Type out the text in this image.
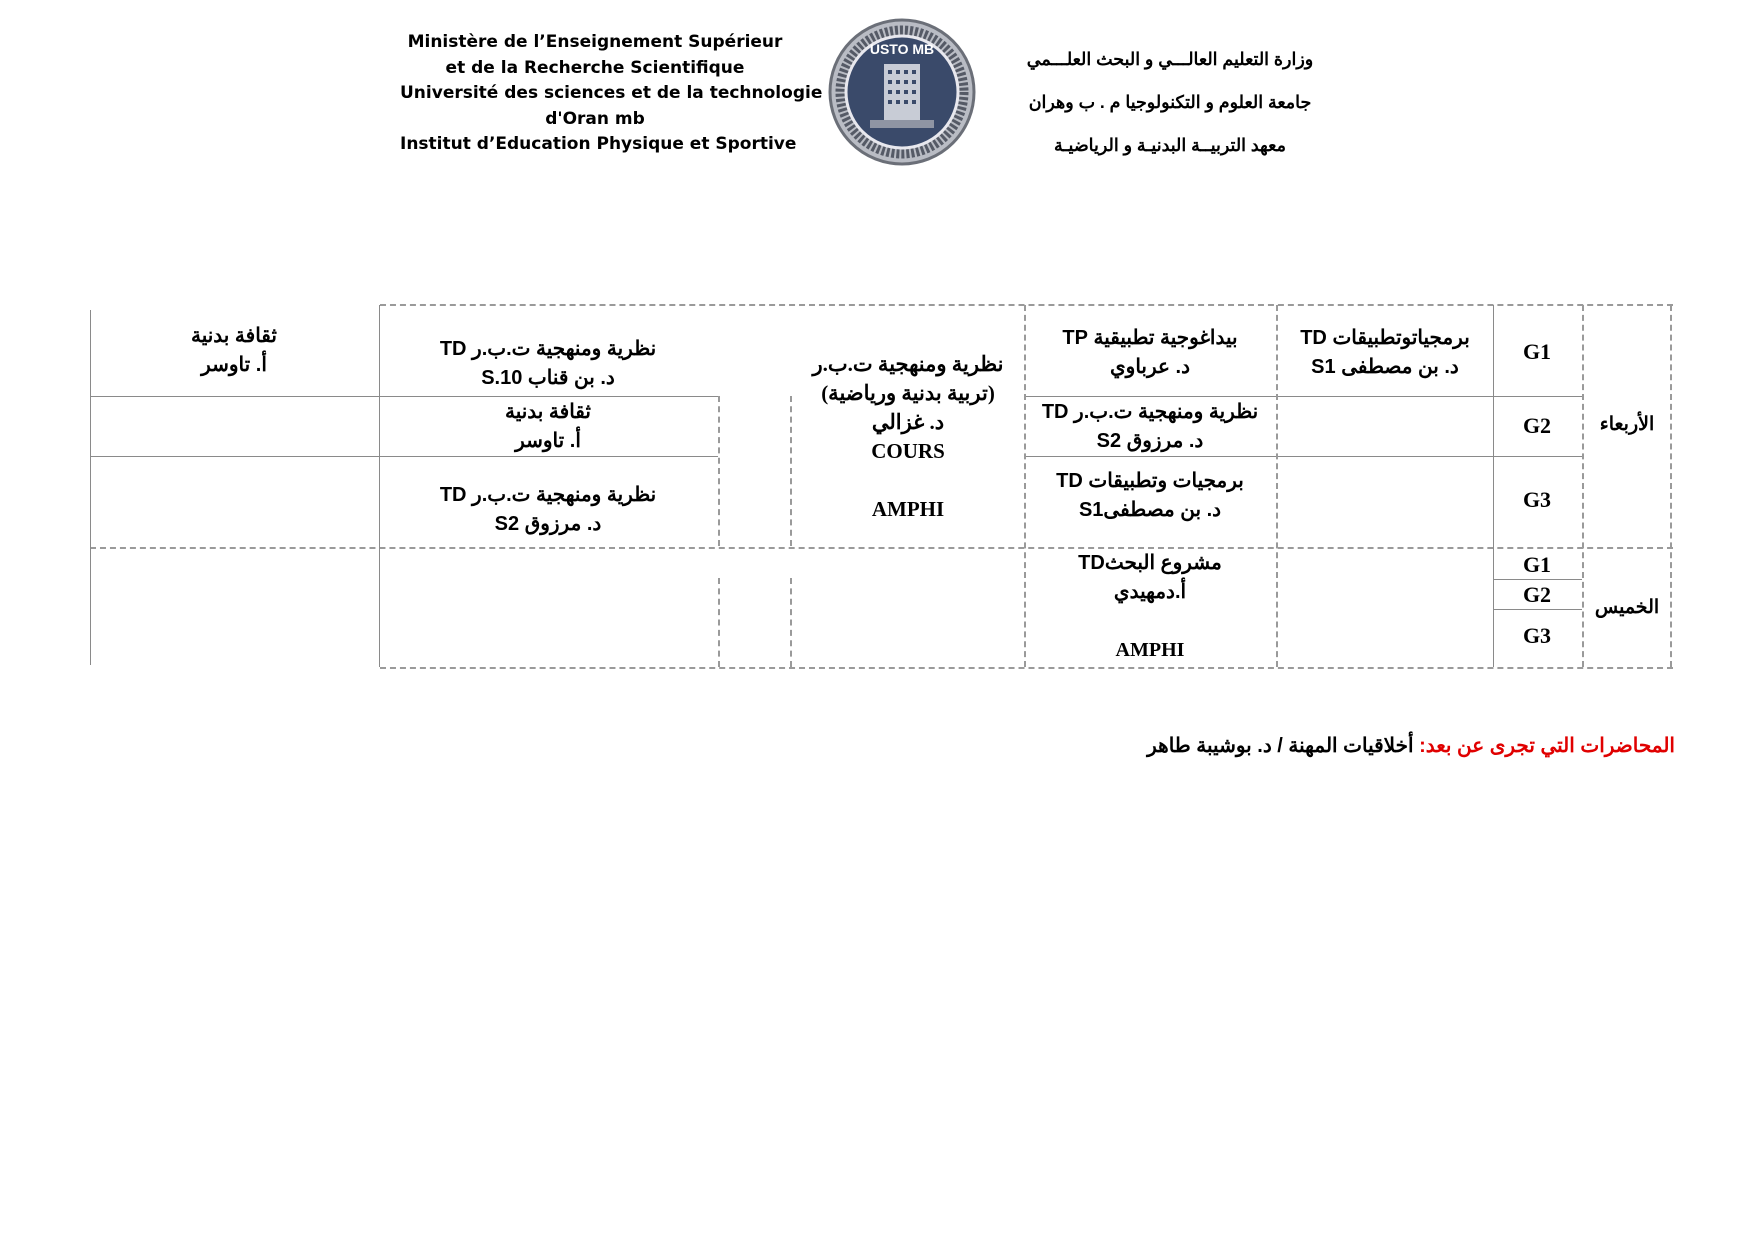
Ministère de l’Enseignement Supérieur
et de la Recherche Scientifique
Université des sciences et de la technologie
d'Oran mb
Institut d’Education Physique et Sportive
USTO MB	وزارة التعليم العالـــي و البحث العلـــمي
جامعة العلوم و التكنولوجيا م . ب وهران
معهد التربيــة البدنيـة و الرياضيـة
الأربعاء
الخميس
G1
G2
G3
G1
G2
G3
برمجياتوتطبيقات TD
د. بن مصطفى S1
بيداغوجية تطبيقية TP
د. عرباوي
نظرية ومنهجية ت.ب.ر
(تربية بدنية ورياضية)
د. غزالي
COURS
AMPHI
نظرية ومنهجية ت.ب.ر TD
د. بن قناب S.10
ثقافة بدنية
أ. تاوسر
نظرية ومنهجية ت.ب.ر TD
د. مرزوق S2
ثقافة بدنية
أ. تاوسر
برمجيات وتطبيقات TD
د. بن مصطفىS1
نظرية ومنهجية ت.ب.ر TD
د. مرزوق S2
مشروع البحثTD
أ.دمهيدي
AMPHI
المحاضرات التي تجرى عن بعد: أخلاقيات المهنة / د. بوشيبة طاهر
